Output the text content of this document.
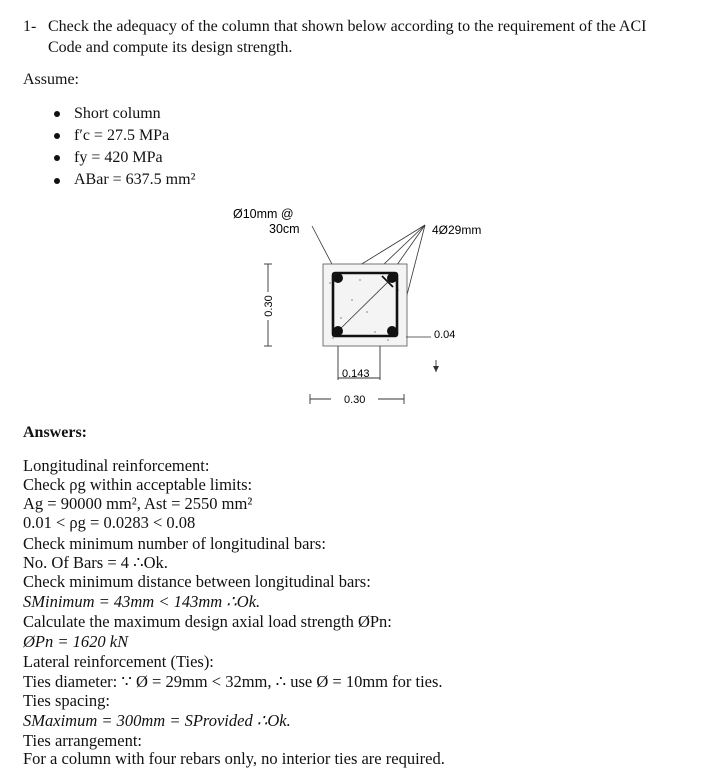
1- Check the adequacy of the column that shown below according to the requirement of the ACI
Code and compute its design strength.
Assume:
Short column
f′c = 27.5 MPa
fy = 420 MPa
ABar = 637.5 mm²
0.30
Ø10mm @
30cm	4Ø29mm
0.04
0.143
0.30
Answers:
Longitudinal reinforcement:
Check ρg within acceptable limits:
Ag = 90000 mm², Ast = 2550 mm²
0.01 < ρg = 0.0283 < 0.08
Check minimum number of longitudinal bars:
No. Of Bars = 4 ∴Ok.
Check minimum distance between longitudinal bars:
SMinimum = 43mm < 143mm ∴Ok.
Calculate the maximum design axial load strength ØPn:
ØPn = 1620 kN
Lateral reinforcement (Ties):
Ties diameter: ∵ Ø = 29mm < 32mm, ∴ use Ø = 10mm for ties.
Ties spacing:
SMaximum = 300mm = SProvided ∴Ok.
Ties arrangement:
For a column with four rebars only, no interior ties are required.
